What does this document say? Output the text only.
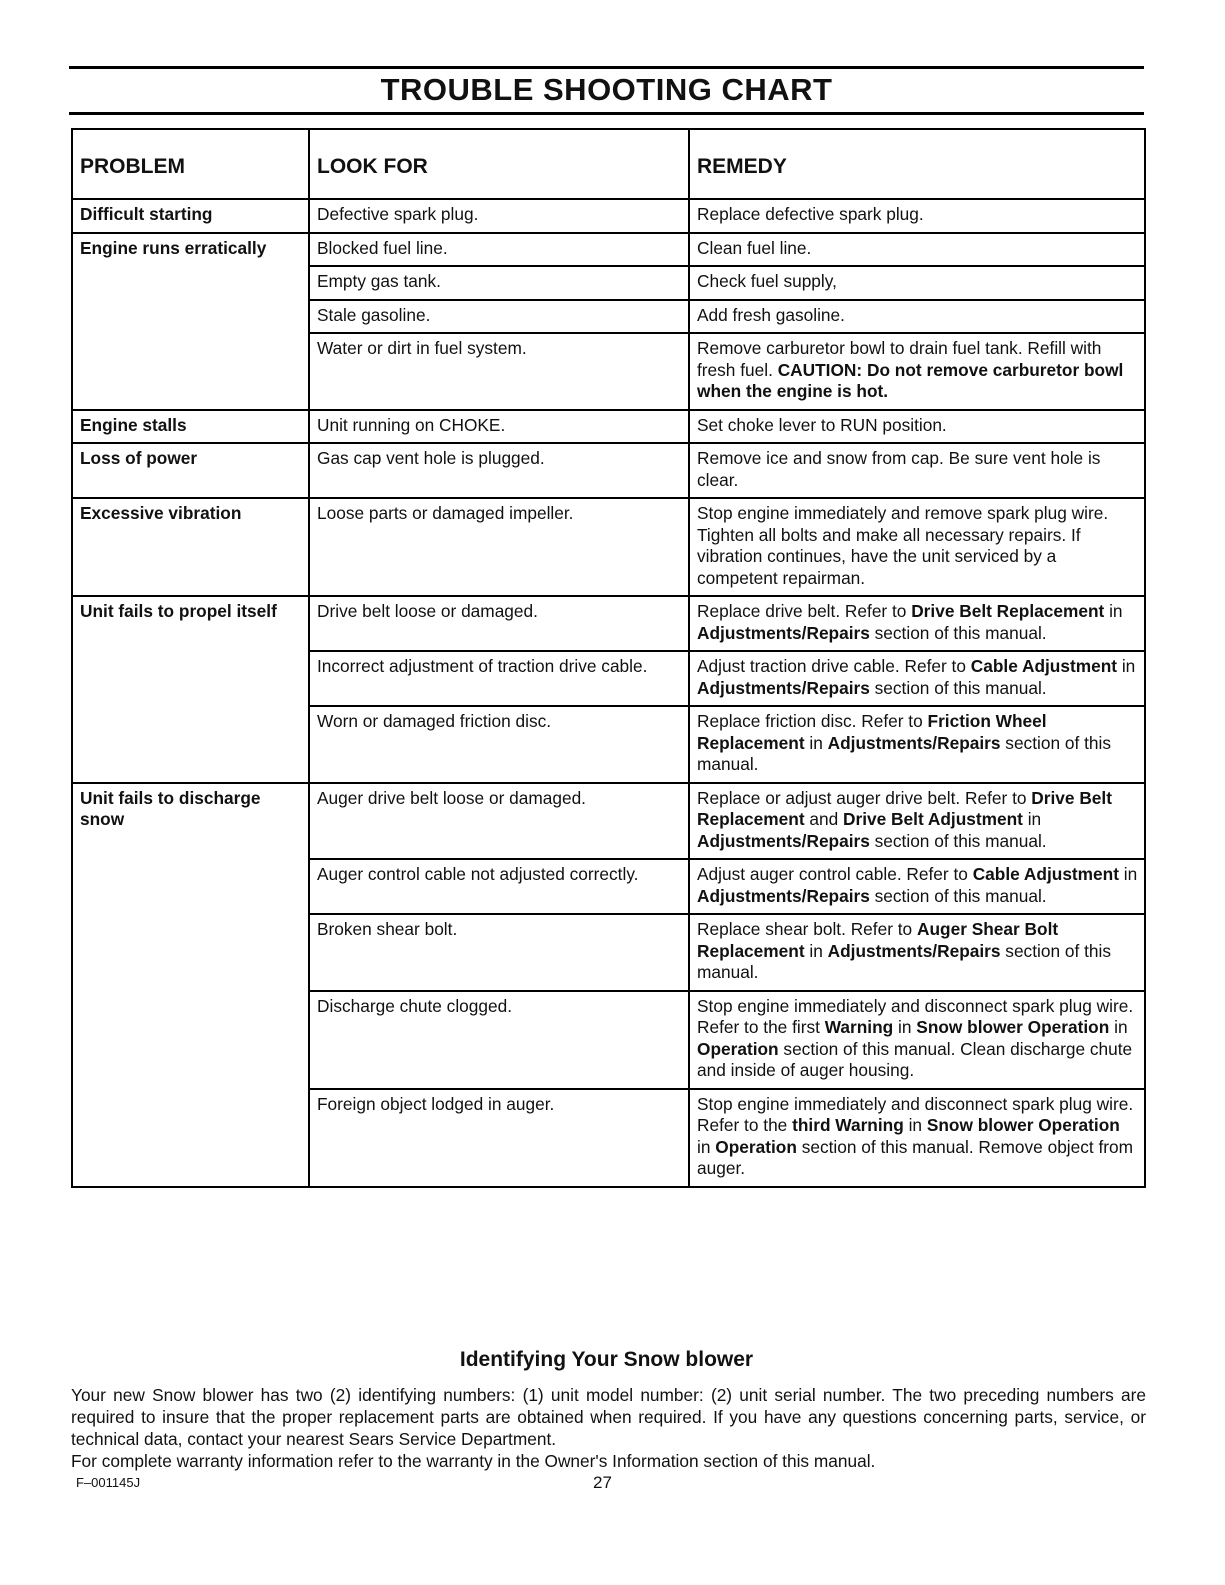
TROUBLE SHOOTING CHART
PROBLEM	LOOK FOR	REMEDY
Difficult starting	Defective spark plug.	Replace defective spark plug.
Engine runs erratically	Blocked fuel line.	Clean fuel line.
	Empty gas tank.	Check fuel supply,
	Stale gasoline.	Add fresh gasoline.
	Water or dirt in fuel system.	Remove carburetor bowl to drain fuel tank. Refill with fresh fuel. CAUTION: Do not remove carburetor bowl when the engine is hot.
Engine stalls	Unit running on CHOKE.	Set choke lever to RUN position.
Loss of power	Gas cap vent hole is plugged.	Remove ice and snow from cap. Be sure vent hole is clear.
Excessive vibration	Loose parts or damaged impeller.	Stop engine immediately and remove spark plug wire. Tighten all bolts and make all necessary repairs. If vibration continues, have the unit serviced by a competent repairman.
Unit fails to propel itself	Drive belt loose or damaged.	Replace drive belt. Refer to Drive Belt Replacement in Adjustments/Repairs section of this manual.
	Incorrect adjustment of traction drive cable.	Adjust traction drive cable. Refer to Cable Adjustment in Adjustments/Repairs section of this manual.
	Worn or damaged friction disc.	Replace friction disc. Refer to Friction Wheel Replacement in Adjustments/Repairs section of this manual.
Unit fails to discharge snow	Auger drive belt loose or damaged.	Replace or adjust auger drive belt. Refer to Drive Belt Replacement and Drive Belt Adjustment in Adjustments/Repairs section of this manual.
	Auger control cable not adjusted correctly.	Adjust auger control cable. Refer to Cable Adjustment in Adjustments/Repairs section of this manual.
	Broken shear bolt.	Replace shear bolt. Refer to Auger Shear Bolt Replacement in Adjustments/Repairs section of this manual.
	Discharge chute clogged.	Stop engine immediately and disconnect spark plug wire. Refer to the first Warning in Snow blower Operation in Operation section of this manual. Clean discharge chute and inside of auger housing.
	Foreign object lodged in auger.	Stop engine immediately and disconnect spark plug wire. Refer to the third Warning in Snow blower Operation in Operation section of this manual. Remove object from auger.
Identifying Your Snow blower

Your new Snow blower has two (2) identifying numbers: (1) unit model number: (2) unit serial number. The two preceding numbers are required to insure that the proper replacement parts are obtained when required. If you have any questions concerning parts, service, or technical data, contact your nearest Sears Service Department.

For complete warranty information refer to the warranty in the Owner's Information section of this manual.

F–001145J	27
